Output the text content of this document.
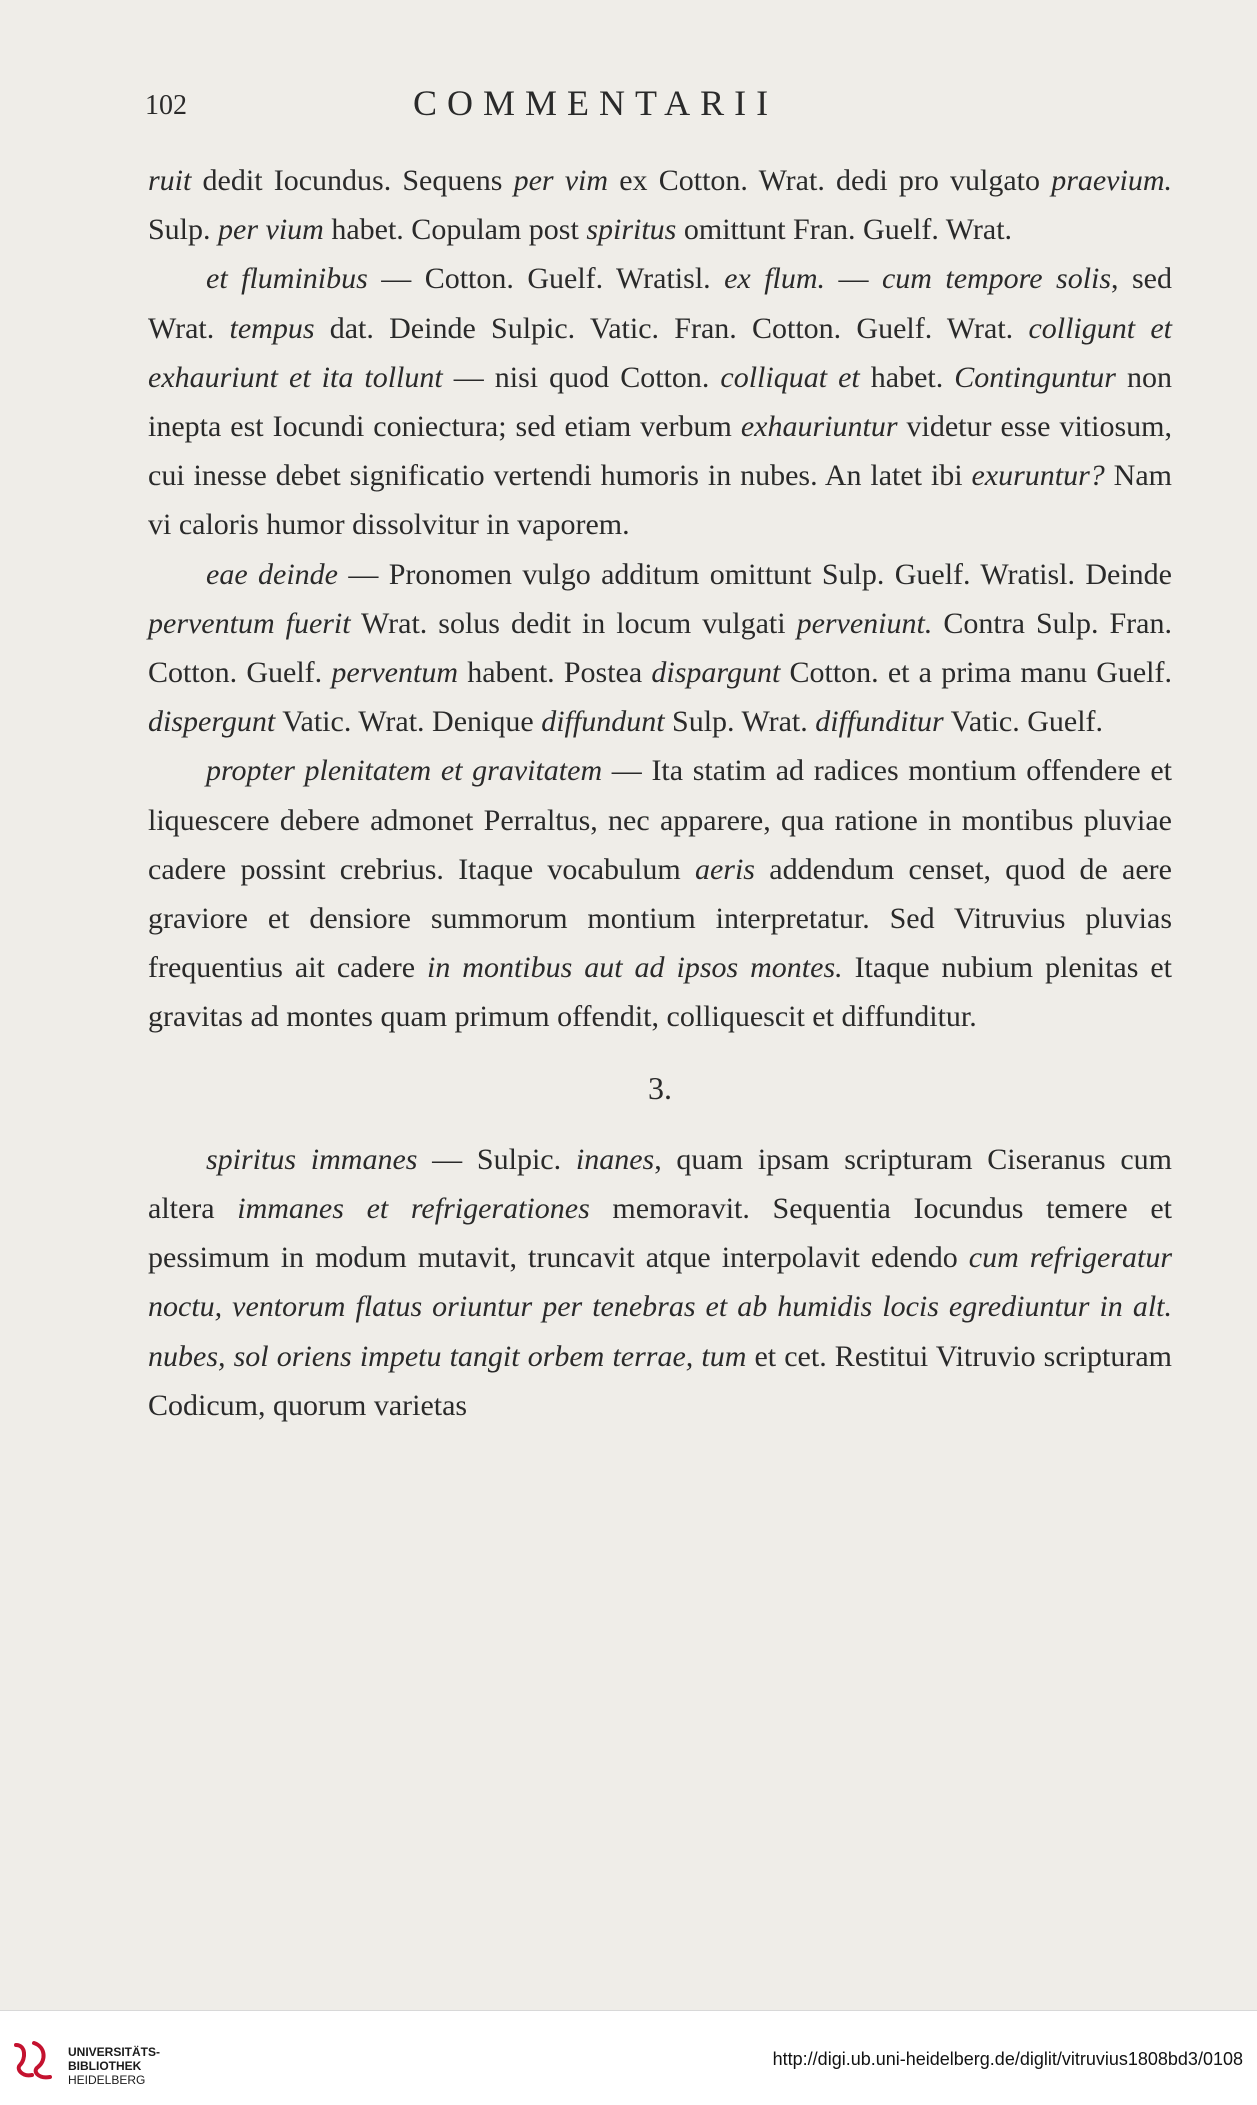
102	COMMENTARII

ruit dedit Iocundus. Sequens per vim ex Cotton. Wrat. dedi pro vulgato praevium. Sulp. per vium habet. Copulam post spiritus omittunt Fran. Guelf. Wrat.

et fluminibus — Cotton. Guelf. Wratisl. ex flum. — cum tempore solis, sed Wrat. tempus dat. Deinde Sulpic. Vatic. Fran. Cotton. Guelf. Wrat. colligunt et exhauriunt et ita tollunt — nisi quod Cotton. colliquat et habet. Continguntur non inepta est Iocundi coniectura; sed etiam verbum exhauriuntur videtur esse vitiosum, cui inesse debet significatio vertendi humoris in nubes. An latet ibi exuruntur? Nam vi caloris humor dissolvitur in vaporem.

eae deinde — Pronomen vulgo additum omittunt Sulp. Guelf. Wratisl. Deinde perventum fuerit Wrat. solus dedit in locum vulgati perveniunt. Contra Sulp. Fran. Cotton. Guelf. perventum habent. Postea dispargunt Cotton. et a prima manu Guelf. dispergunt Vatic. Wrat. Denique diffundunt Sulp. Wrat. diffunditur Vatic. Guelf.

propter plenitatem et gravitatem — Ita statim ad radices montium offendere et liquescere debere admonet Perraltus, nec apparere, qua ratione in montibus pluviae cadere possint crebrius. Itaque vocabulum aeris addendum censet, quod de aere graviore et densiore summorum montium interpretatur. Sed Vitruvius pluvias frequentius ait cadere in montibus aut ad ipsos montes. Itaque nubium plenitas et gravitas ad montes quam primum offendit, colliquescit et diffunditur.

3.

spiritus immanes — Sulpic. inanes, quam ipsam scripturam Ciseranus cum altera immanes et refrigerationes memoravit. Sequentia Iocundus temere et pessimum in modum mutavit, truncavit atque interpolavit edendo cum refrigeratur noctu, ventorum flatus oriuntur per tenebras et ab humidis locis egrediuntur in alt. nubes, sol oriens impetu tangit orbem terrae, tum et cet. Restitui Vitruvio scripturam Codicum, quorum varietas

UNIVERSITÄTS-
BIBLIOTHEK
HEIDELBERG
http://digi.ub.uni-heidelberg.de/diglit/vitruvius1808bd3/0108
